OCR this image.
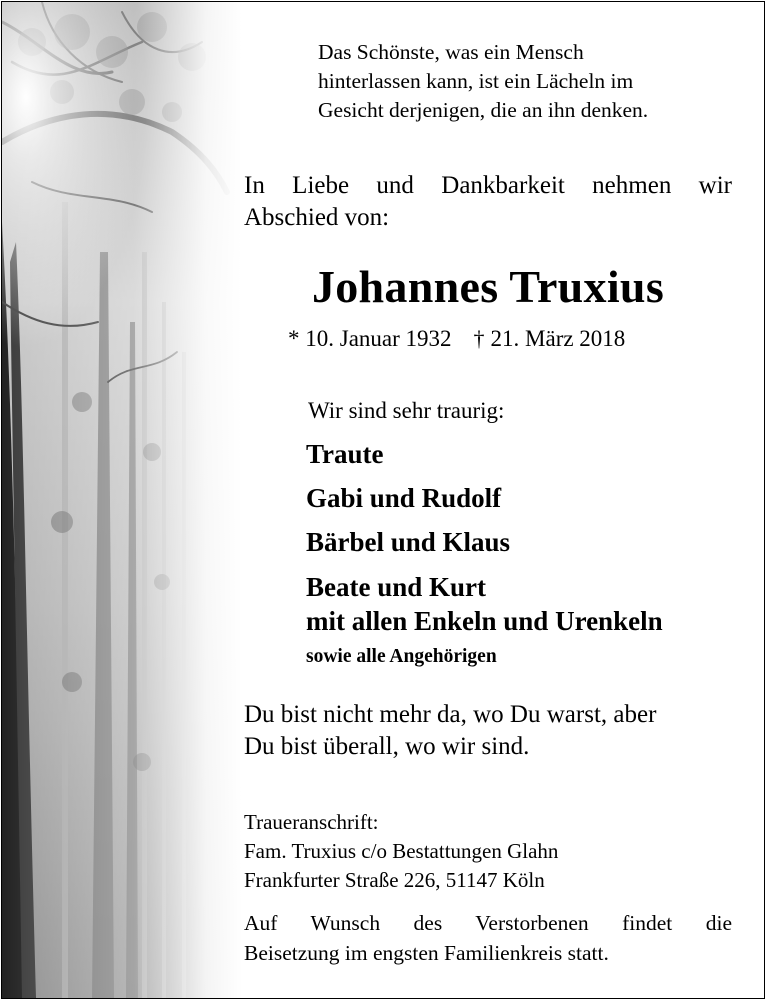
Das Schönste, was ein Mensch
hinterlassen kann, ist ein Lächeln im
Gesicht derjenigen, die an ihn denken.
In Liebe und Dankbarkeit nehmen wir
Abschied von:
Johannes Truxius
* 10. Januar 1932 † 21. März 2018
Wir sind sehr traurig:
Traute
Gabi und Rudolf
Bärbel und Klaus
Beate und Kurt
mit allen Enkeln und Urenkeln
sowie alle Angehörigen
Du bist nicht mehr da, wo Du warst, aber
Du bist überall, wo wir sind.
Traueranschrift:
Fam. Truxius c/o Bestattungen Glahn
Frankfurter Straße 226, 51147 Köln
Auf Wunsch des Verstorbenen findet die
Beisetzung im engsten Familienkreis statt.
